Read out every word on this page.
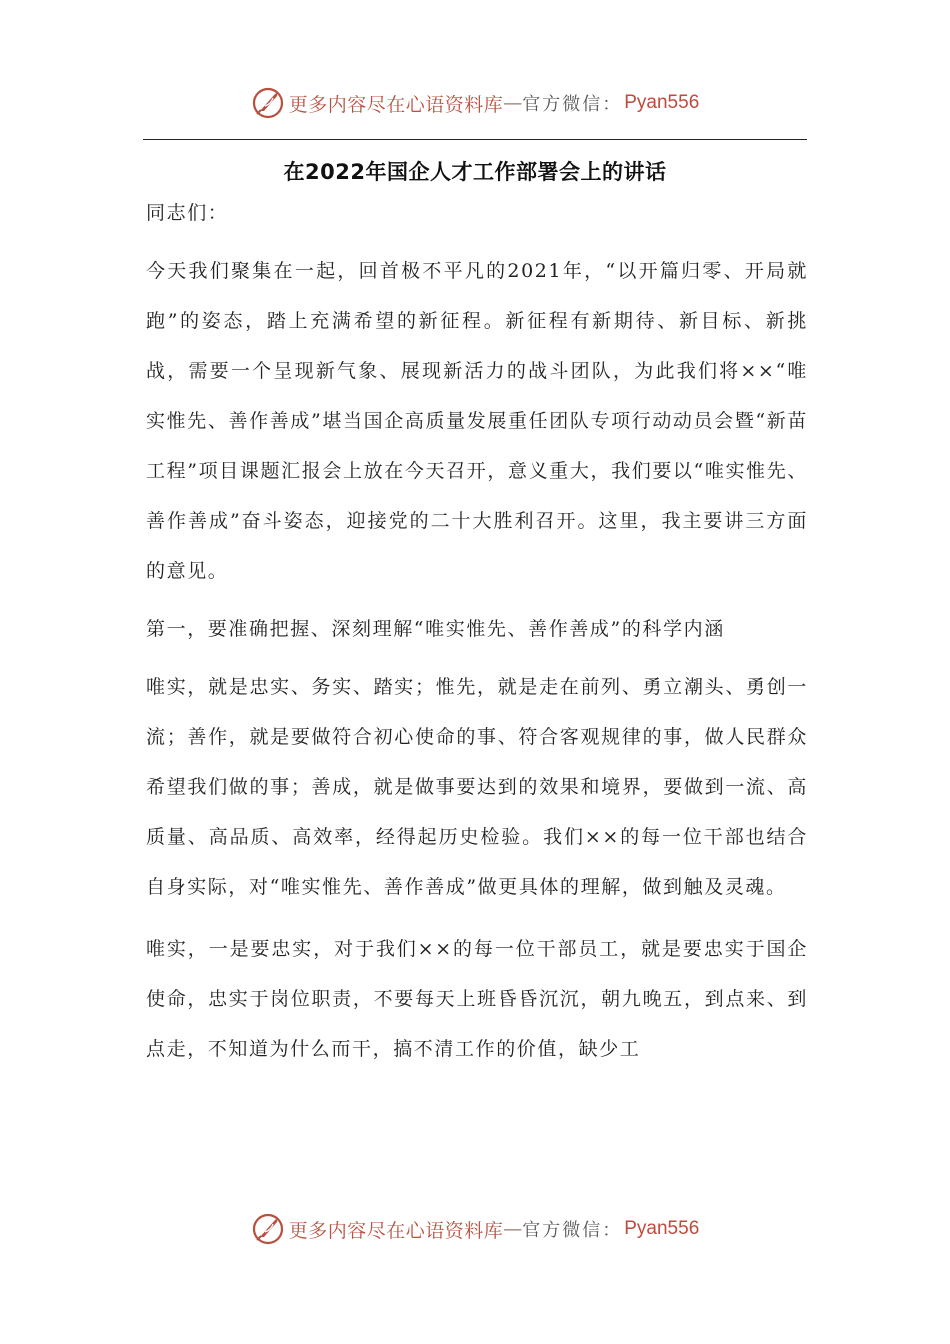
更多内容尽在心语资料库 — 官方微信： Pyan556
在2022年国企人才工作部署会上的讲话

同志们：

今天我们聚集在一起，回首极不平凡的2021年，“以开篇归零、开局就跑”的姿态，踏上充满希望的新征程。新征程有新期待、新目标、新挑战，需要一个呈现新气象、展现新活力的战斗团队，为此我们将××“唯实惟先、善作善成”堪当国企高质量发展重任团队专项行动动员会暨“新苗工程”项目课题汇报会上放在今天召开，意义重大，我们要以“唯实惟先、善作善成”奋斗姿态，迎接党的二十大胜利召开。这里，我主要讲三方面的意见。

第一，要准确把握、深刻理解“唯实惟先、善作善成”的科学内涵

唯实，就是忠实、务实、踏实；惟先，就是走在前列、勇立潮头、勇创一流；善作，就是要做符合初心使命的事、符合客观规律的事，做人民群众希望我们做的事；善成，就是做事要达到的效果和境界，要做到一流、高质量、高品质、高效率，经得起历史检验。我们××的每一位干部也结合自身实际，对“唯实惟先、善作善成”做更具体的理解，做到触及灵魂。

唯实，一是要忠实，对于我们××的每一位干部员工，就是要忠实于国企使命，忠实于岗位职责，不要每天上班昏昏沉沉，朝九晚五，到点来、到点走，不知道为什么而干，搞不清工作的价值，缺少工

更多内容尽在心语资料库 — 官方微信： Pyan556
